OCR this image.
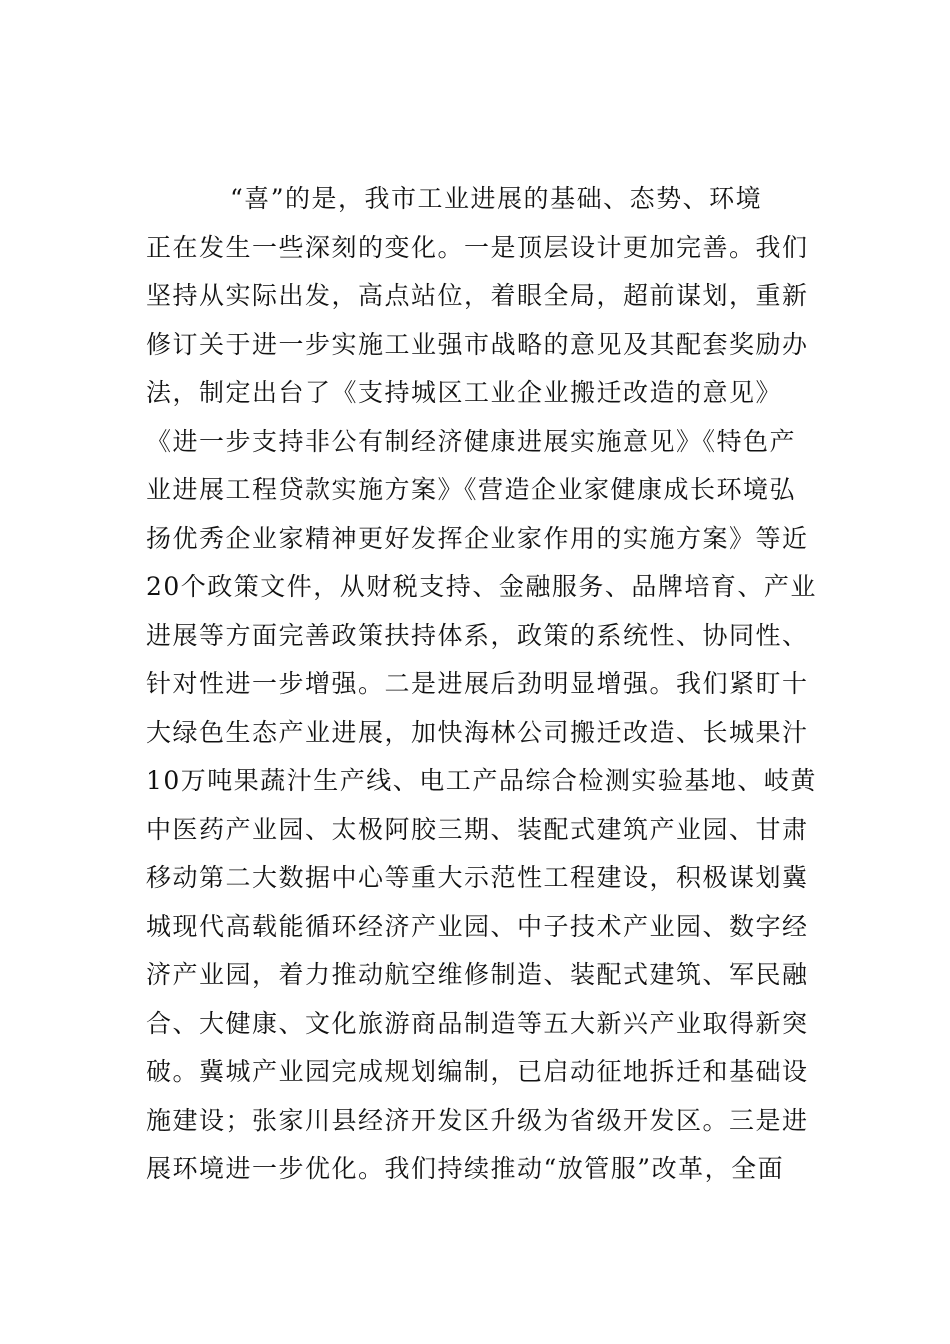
“喜”的是，我市工业进展的基础、态势、环境
正在发生一些深刻的变化。一是顶层设计更加完善。我们
坚持从实际出发，高点站位，着眼全局，超前谋划，重新
修订关于进一步实施工业强市战略的意见及其配套奖励办
法，制定出台了《支持城区工业企业搬迁改造的意见》
《进一步支持非公有制经济健康进展实施意见》《特色产
业进展工程贷款实施方案》《营造企业家健康成长环境弘
扬优秀企业家精神更好发挥企业家作用的实施方案》等近
20个政策文件，从财税支持、金融服务、品牌培育、产业
进展等方面完善政策扶持体系，政策的系统性、协同性、
针对性进一步增强。二是进展后劲明显增强。我们紧盯十
大绿色生态产业进展，加快海林公司搬迁改造、长城果汁
10万吨果蔬汁生产线、电工产品综合检测实验基地、岐黄
中医药产业园、太极阿胶三期、装配式建筑产业园、甘肃
移动第二大数据中心等重大示范性工程建设，积极谋划冀
城现代高载能循环经济产业园、中子技术产业园、数字经
济产业园，着力推动航空维修制造、装配式建筑、军民融
合、大健康、文化旅游商品制造等五大新兴产业取得新突
破。冀城产业园完成规划编制，已启动征地拆迁和基础设
施建设；张家川县经济开发区升级为省级开发区。三是进
展环境进一步优化。我们持续推动“放管服”改革，全面
